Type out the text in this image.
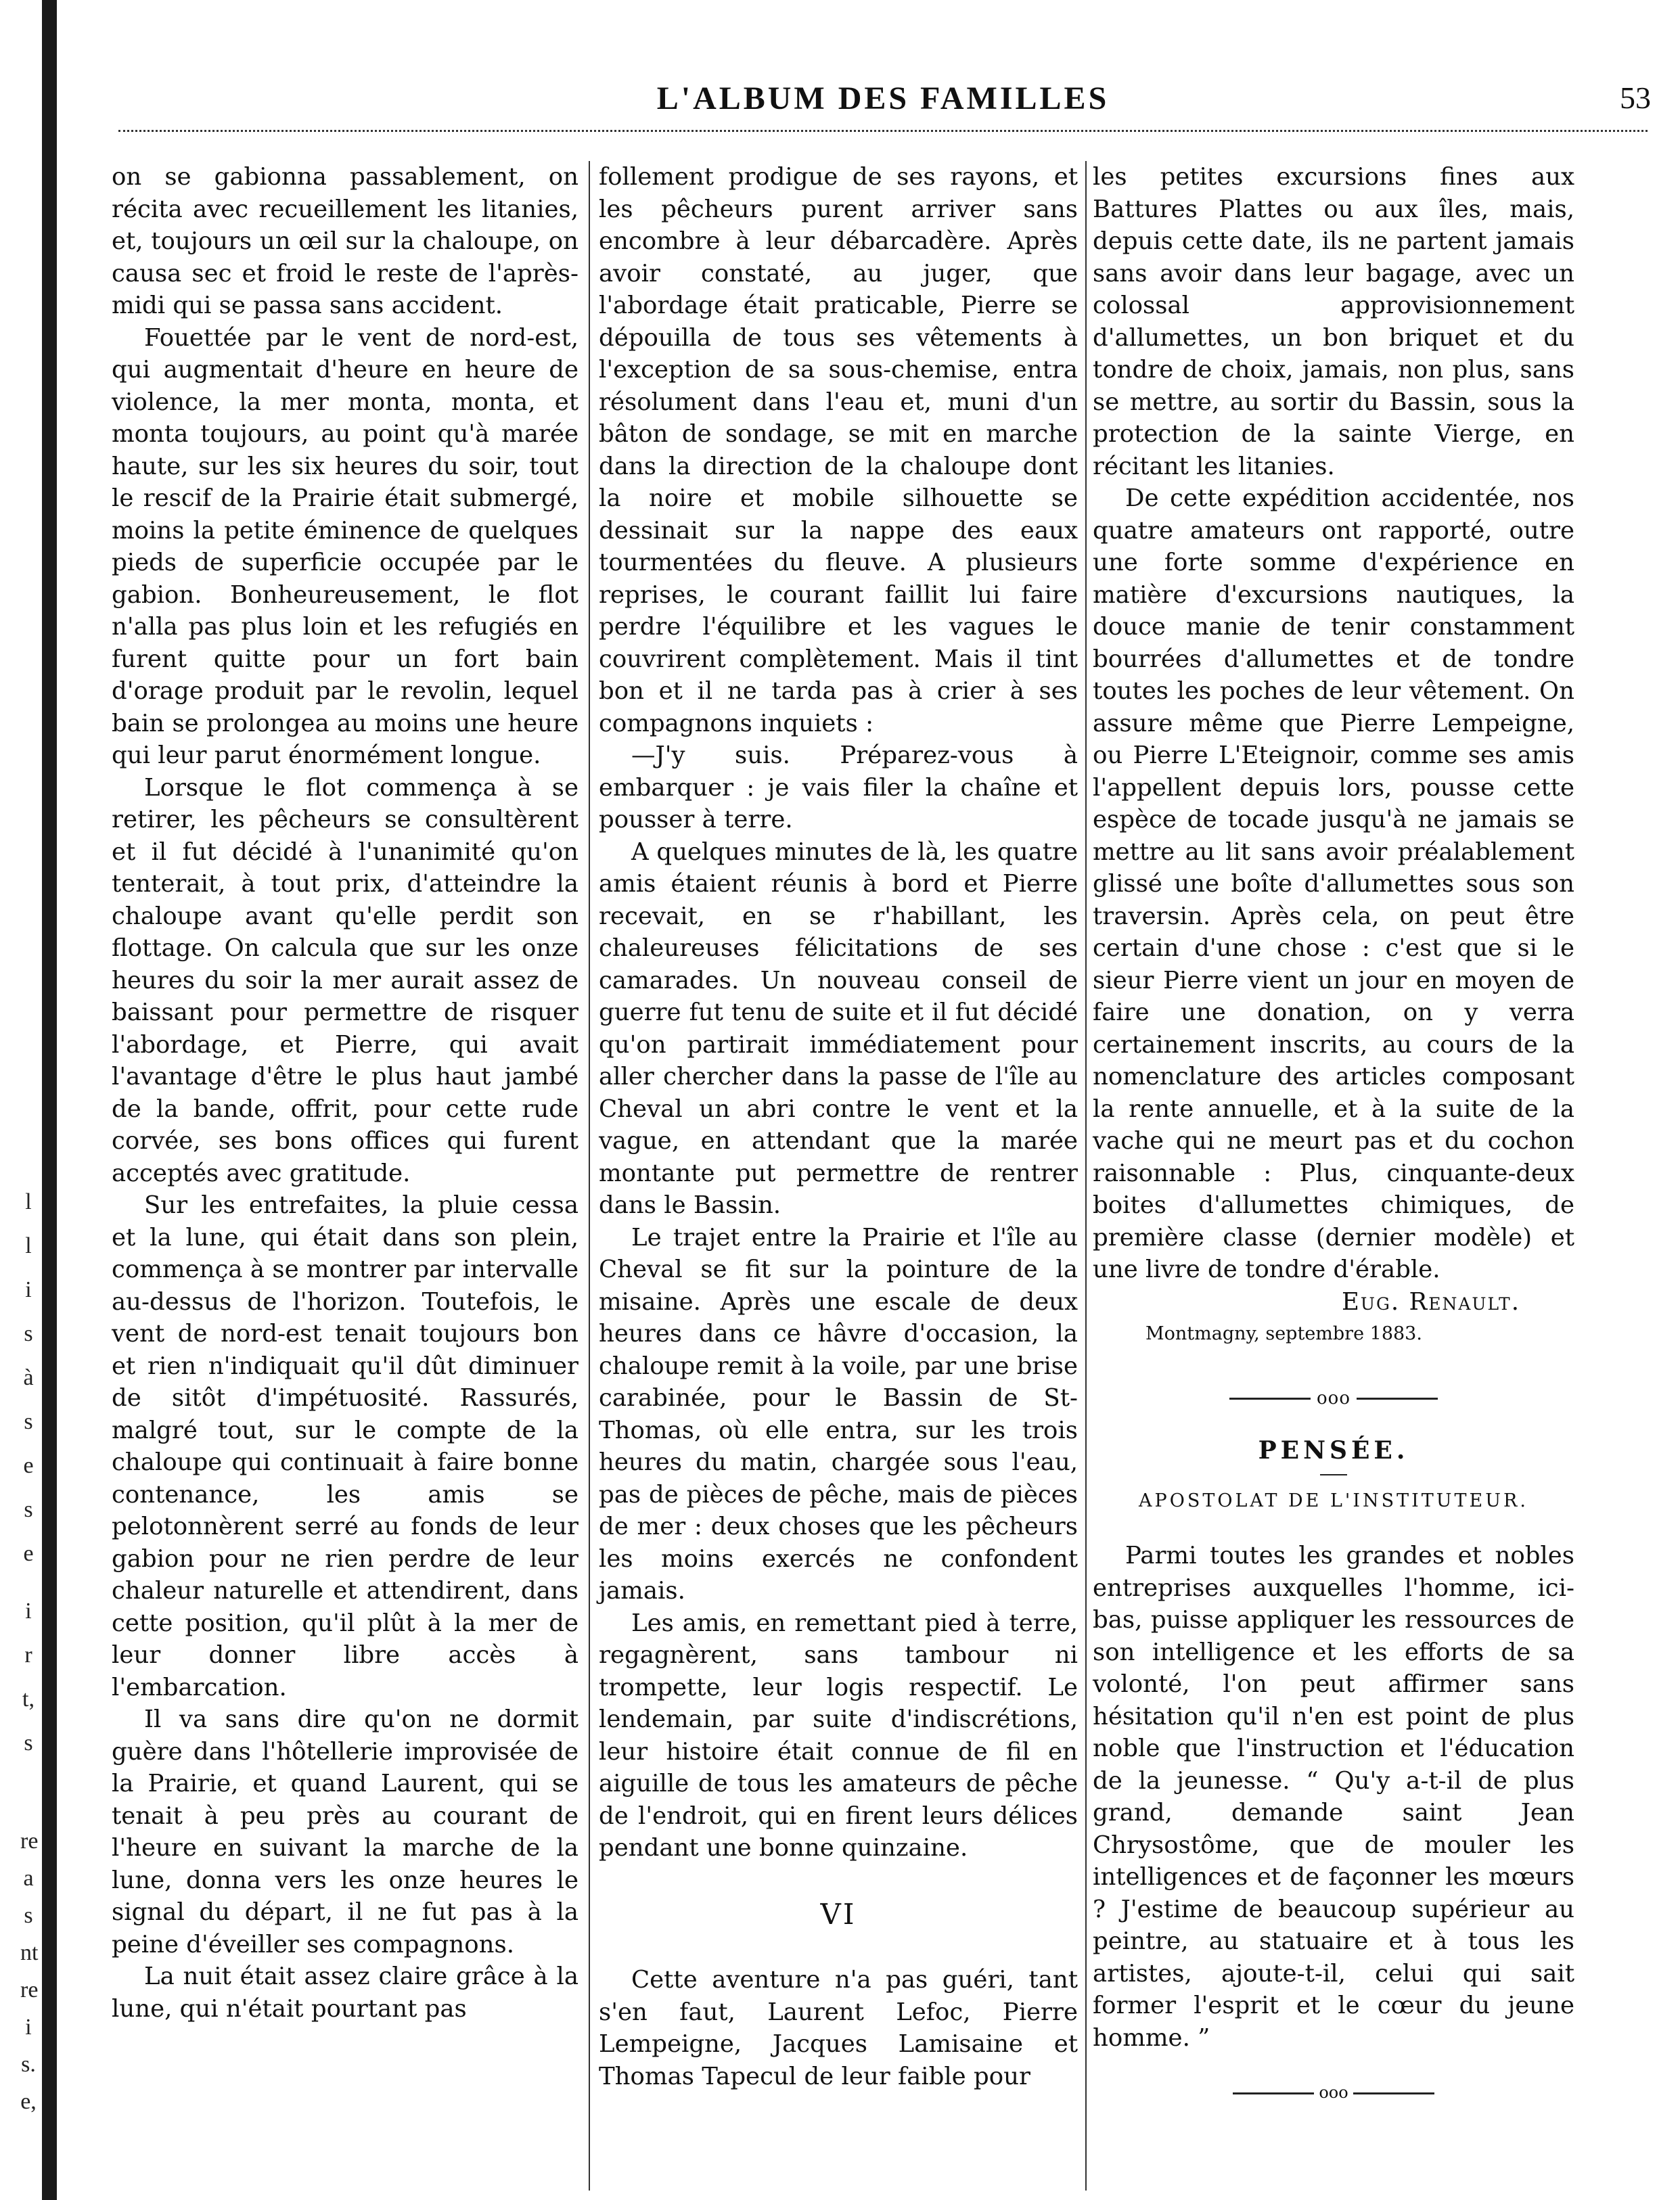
l
l
i
s
à
s
e
s
e
i
r
t,
s
re
a
s
nt
re
i
s.
e,
L'ALBUM DES FAMILLES	53

on se gabionna passablement, on récita avec recueillement les litanies, et, toujours un œil sur la chaloupe, on causa sec et froid le reste de l'après-midi qui se passa sans accident.

Fouettée par le vent de nord-est, qui augmentait d'heure en heure de violence, la mer monta, monta, et monta toujours, au point qu'à marée haute, sur les six heures du soir, tout le rescif de la Prairie était submergé, moins la petite éminence de quelques pieds de superficie occupée par le gabion. Bonheureusement, le flot n'alla pas plus loin et les refugiés en furent quitte pour un fort bain d'orage produit par le revolin, lequel bain se prolongea au moins une heure qui leur parut énormément longue.

Lorsque le flot commença à se retirer, les pêcheurs se consultèrent et il fut décidé à l'unanimité qu'on tenterait, à tout prix, d'atteindre la chaloupe avant qu'elle perdit son flottage. On calcula que sur les onze heures du soir la mer aurait assez de baissant pour permettre de risquer l'abordage, et Pierre, qui avait l'avantage d'être le plus haut jambé de la bande, offrit, pour cette rude corvée, ses bons offices qui furent acceptés avec gratitude.

Sur les entrefaites, la pluie cessa et la lune, qui était dans son plein, commença à se montrer par intervalle au-dessus de l'horizon. Toutefois, le vent de nord-est tenait toujours bon et rien n'indiquait qu'il dût diminuer de sitôt d'impétuosité. Rassurés, malgré tout, sur le compte de la chaloupe qui continuait à faire bonne contenance, les amis se pelotonnèrent serré au fonds de leur gabion pour ne rien perdre de leur chaleur naturelle et attendirent, dans cette position, qu'il plût à la mer de leur donner libre accès à l'embarcation.

Il va sans dire qu'on ne dormit guère dans l'hôtellerie improvisée de la Prairie, et quand Laurent, qui se tenait à peu près au courant de l'heure en suivant la marche de la lune, donna vers les onze heures le signal du départ, il ne fut pas à la peine d'éveiller ses compagnons.

La nuit était assez claire grâce à la lune, qui n'était pourtant pas

follement prodigue de ses rayons, et les pêcheurs purent arriver sans encombre à leur débarcadère. Après avoir constaté, au juger, que l'abordage était praticable, Pierre se dépouilla de tous ses vêtements à l'exception de sa sous-chemise, entra résolument dans l'eau et, muni d'un bâton de sondage, se mit en marche dans la direction de la chaloupe dont la noire et mobile silhouette se dessinait sur la nappe des eaux tourmentées du fleuve. A plusieurs reprises, le courant faillit lui faire perdre l'équilibre et les vagues le couvrirent complètement. Mais il tint bon et il ne tarda pas à crier à ses compagnons inquiets :

—J'y suis. Préparez-vous à embarquer : je vais filer la chaîne et pousser à terre.

A quelques minutes de là, les quatre amis étaient réunis à bord et Pierre recevait, en se r'habillant, les chaleureuses félicitations de ses camarades. Un nouveau conseil de guerre fut tenu de suite et il fut décidé qu'on partirait immédiatement pour aller chercher dans la passe de l'île au Cheval un abri contre le vent et la vague, en attendant que la marée montante put permettre de rentrer dans le Bassin.

Le trajet entre la Prairie et l'île au Cheval se fit sur la pointure de la misaine. Après une escale de deux heures dans ce hâvre d'occasion, la chaloupe remit à la voile, par une brise carabinée, pour le Bassin de St-Thomas, où elle entra, sur les trois heures du matin, chargée sous l'eau, pas de pièces de pêche, mais de pièces de mer : deux choses que les pêcheurs les moins exercés ne confondent jamais.

Les amis, en remettant pied à terre, regagnèrent, sans tambour ni trompette, leur logis respectif. Le lendemain, par suite d'indiscrétions, leur histoire était connue de fil en aiguille de tous les amateurs de pêche de l'endroit, qui en firent leurs délices pendant une bonne quinzaine.

VI

Cette aventure n'a pas guéri, tant s'en faut, Laurent Lefoc, Pierre Lempeigne, Jacques Lamisaine et Thomas Tapecul de leur faible pour

les petites excursions fines aux Battures Plattes ou aux îles, mais, depuis cette date, ils ne partent jamais sans avoir dans leur bagage, avec un colossal approvisionnement d'allumettes, un bon briquet et du tondre de choix, jamais, non plus, sans se mettre, au sortir du Bassin, sous la protection de la sainte Vierge, en récitant les litanies.

De cette expédition accidentée, nos quatre amateurs ont rapporté, outre une forte somme d'expérience en matière d'excursions nautiques, la douce manie de tenir constamment bourrées d'allumettes et de tondre toutes les poches de leur vêtement. On assure même que Pierre Lempeigne, ou Pierre L'Eteignoir, comme ses amis l'appellent depuis lors, pousse cette espèce de tocade jusqu'à ne jamais se mettre au lit sans avoir préalablement glissé une boîte d'allumettes sous son traversin. Après cela, on peut être certain d'une chose : c'est que si le sieur Pierre vient un jour en moyen de faire une donation, on y verra certainement inscrits, au cours de la nomenclature des articles composant la rente annuelle, et à la suite de la vache qui ne meurt pas et du cochon raisonnable : Plus, cinquante-deux boites d'allumettes chimiques, de première classe (dernier modèle) et une livre de tondre d'érable.

Eug. Renault.

Montmagny, septembre 1883.

ooo
PENSÉE.
APOSTOLAT DE L'INSTITUTEUR.

Parmi toutes les grandes et nobles entreprises auxquelles l'homme, ici-bas, puisse appliquer les ressources de son intelligence et les efforts de sa volonté, l'on peut affirmer sans hésitation qu'il n'en est point de plus noble que l'instruction et l'éducation de la jeunesse. “ Qu'y a-t-il de plus grand, demande saint Jean Chrysostôme, que de mouler les intelligences et de façonner les mœurs ? J'estime de beaucoup supérieur au peintre, au statuaire et à tous les artistes, ajoute-t-il, celui qui sait former l'esprit et le cœur du jeune homme. ”

ooo
